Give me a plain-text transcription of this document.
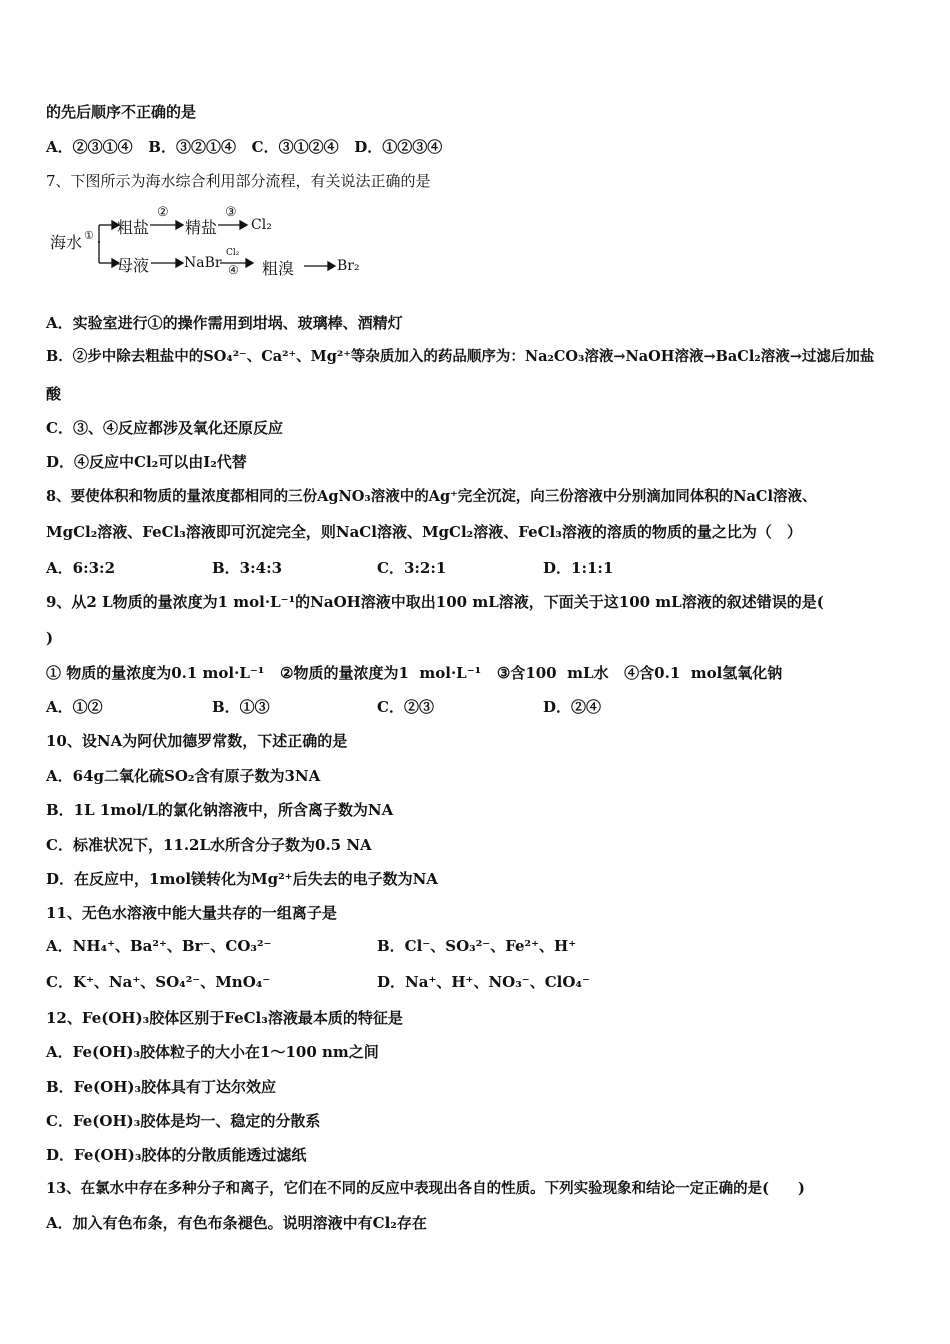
的先后顺序不正确的是
A．②③①④   B．③②①④   C．③①②④   D．①②③④
7、下图所示为海水综合利用部分流程，有关说法正确的是
海水 ① 粗盐
②
精盐
③
Cl₂
母液 NaBr
Cl₂
④ 粗溴	Br₂
A．实验室进行①的操作需用到坩埚、玻璃棒、酒精灯
B．②步中除去粗盐中的SO₄²⁻、Ca²⁺、Mg²⁺等杂质加入的药品顺序为：Na₂CO₃溶液→NaOH溶液→BaCl₂溶液→过滤后加盐
酸
C．③、④反应都涉及氧化还原反应
D．④反应中Cl₂可以由I₂代替
8、要使体积和物质的量浓度都相同的三份AgNO₃溶液中的Ag⁺完全沉淀，向三份溶液中分别滴加同体积的NaCl溶液、
MgCl₂溶液、FeCl₃溶液即可沉淀完全，则NaCl溶液、MgCl₂溶液、FeCl₃溶液的溶质的物质的量之比为（　）
A．6:3:2	B．3:4:3	C．3:2:1	D．1:1:1
9、从2 L物质的量浓度为1 mol·L⁻¹的NaOH溶液中取出100 mL溶液，下面关于这100 mL溶液的叙述错误的是(
)
① 物质的量浓度为0.1 mol·L⁻¹   ②物质的量浓度为1  mol·L⁻¹   ③含100  mL水   ④含0.1  mol氢氧化钠
A．①②	B．①③	C．②③	D．②④
10、设NA为阿伏加德罗常数，下述正确的是
A．64g二氧化硫SO₂含有原子数为3NA
B．1L 1mol/L的氯化钠溶液中，所含离子数为NA
C．标准状况下，11.2L水所含分子数为0.5 NA
D．在反应中，1mol镁转化为Mg²⁺后失去的电子数为NA
11、无色水溶液中能大量共存的一组离子是
A．NH₄⁺、Ba²⁺、Br⁻、CO₃²⁻	B．Cl⁻、SO₃²⁻、Fe²⁺、H⁺
C．K⁺、Na⁺、SO₄²⁻、MnO₄⁻	D．Na⁺、H⁺、NO₃⁻、ClO₄⁻
12、Fe(OH)₃胶体区别于FeCl₃溶液最本质的特征是
A．Fe(OH)₃胶体粒子的大小在1～100 nm之间
B．Fe(OH)₃胶体具有丁达尔效应
C．Fe(OH)₃胶体是均一、稳定的分散系
D．Fe(OH)₃胶体的分散质能透过滤纸
13、在氯水中存在多种分子和离子，它们在不同的反应中表现出各自的性质。下列实验现象和结论一定正确的是(　　)
A．加入有色布条，有色布条褪色。说明溶液中有Cl₂存在
